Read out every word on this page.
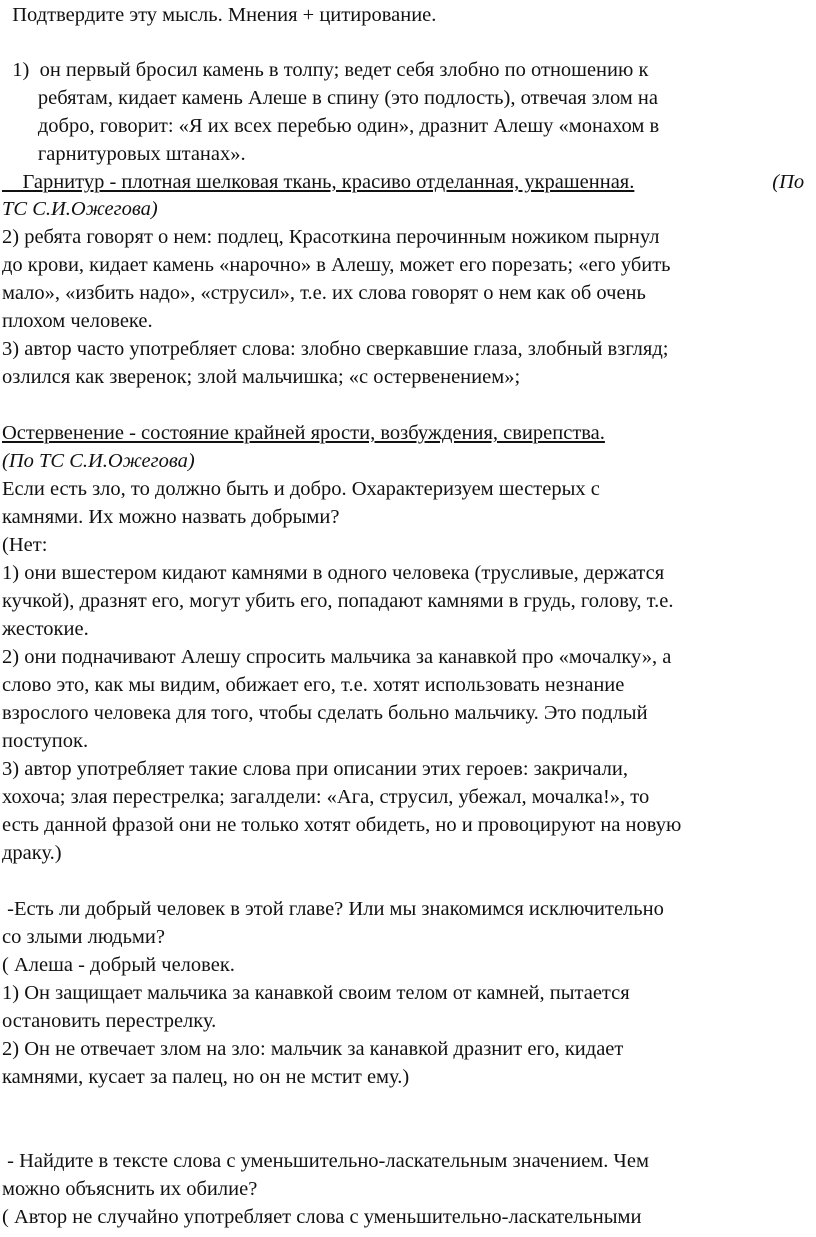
Подтвердите эту мысль. Мнения + цитирование.
1)  он первый бросил камень в толпу; ведет себя злобно по отношению к
ребятам, кидает камень Алеше в спину (это подлость), отвечая злом на
добро, говорит: «Я их всех перебью один», дразнит Алешу «монахом в
гарнитуровых штанах».
Гарнитур - плотная шелковая ткань, красиво отделанная, украшенная.	(По
ТС С.И.Ожегова)
2) ребята говорят о нем: подлец, Красоткина перочинным ножиком пырнул
до крови, кидает камень «нарочно» в Алешу, может его порезать; «его убить
мало», «избить надо», «струсил», т.е. их слова говорят о нем как об очень
плохом человеке.
3) автор часто употребляет слова: злобно сверкавшие глаза, злобный взгляд;
озлился как зверенок; злой мальчишка; «с остервенением»;
Остервенение - состояние крайней ярости, возбуждения, свирепства.
(По ТС С.И.Ожегова)
Если есть зло, то должно быть и добро. Охарактеризуем шестерых с
камнями. Их можно назвать добрыми?
(Нет:
1) они вшестером кидают камнями в одного человека (трусливые, держатся
кучкой), дразнят его, могут убить его, попадают камнями в грудь, голову, т.е.
жестокие.
2) они подначивают Алешу спросить мальчика за канавкой про «мочалку», а
слово это, как мы видим, обижает его, т.е. хотят использовать незнание
взрослого человека для того, чтобы сделать больно мальчику. Это подлый
поступок.
3) автор употребляет такие слова при описании этих героев: закричали,
хохоча; злая перестрелка; загалдели: «Ага, струсил, убежал, мочалка!», то
есть данной фразой они не только хотят обидеть, но и провоцируют на новую
драку.)
-Есть ли добрый человек в этой главе? Или мы знакомимся исключительно
со злыми людьми?
( Алеша - добрый человек.
1) Он защищает мальчика за канавкой своим телом от камней, пытается
остановить перестрелку.
2) Он не отвечает злом на зло: мальчик за канавкой дразнит его, кидает
камнями, кусает за палец, но он не мстит ему.)
- Найдите в тексте слова с уменьшительно-ласкательным значением. Чем
можно объяснить их обилие?
( Автор не случайно употребляет слова с уменьшительно-ласкательными
